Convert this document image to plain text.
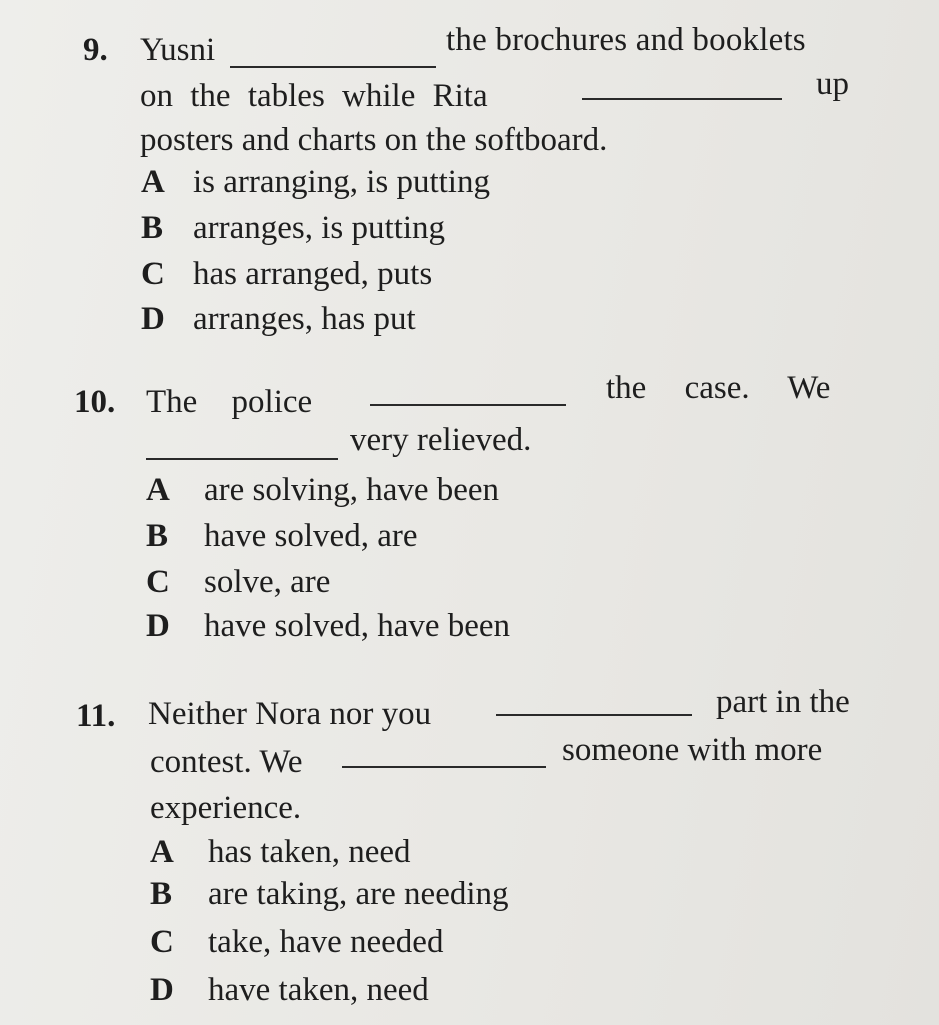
9. Yusni	the brochures and booklets
on the tables while Rita	up
posters and charts on the softboard.
A is arranging, is putting
B arranges, is putting
C has arranged, puts
D arranges, has put
10. The police	the case. We
very relieved.
A are solving, have been
B have solved, are
C solve, are
D have solved, have been
11. Neither Nora nor you	part in the
contest. We	someone with more
experience.
A has taken, need
B are taking, are needing
C take, have needed
D have taken, need
